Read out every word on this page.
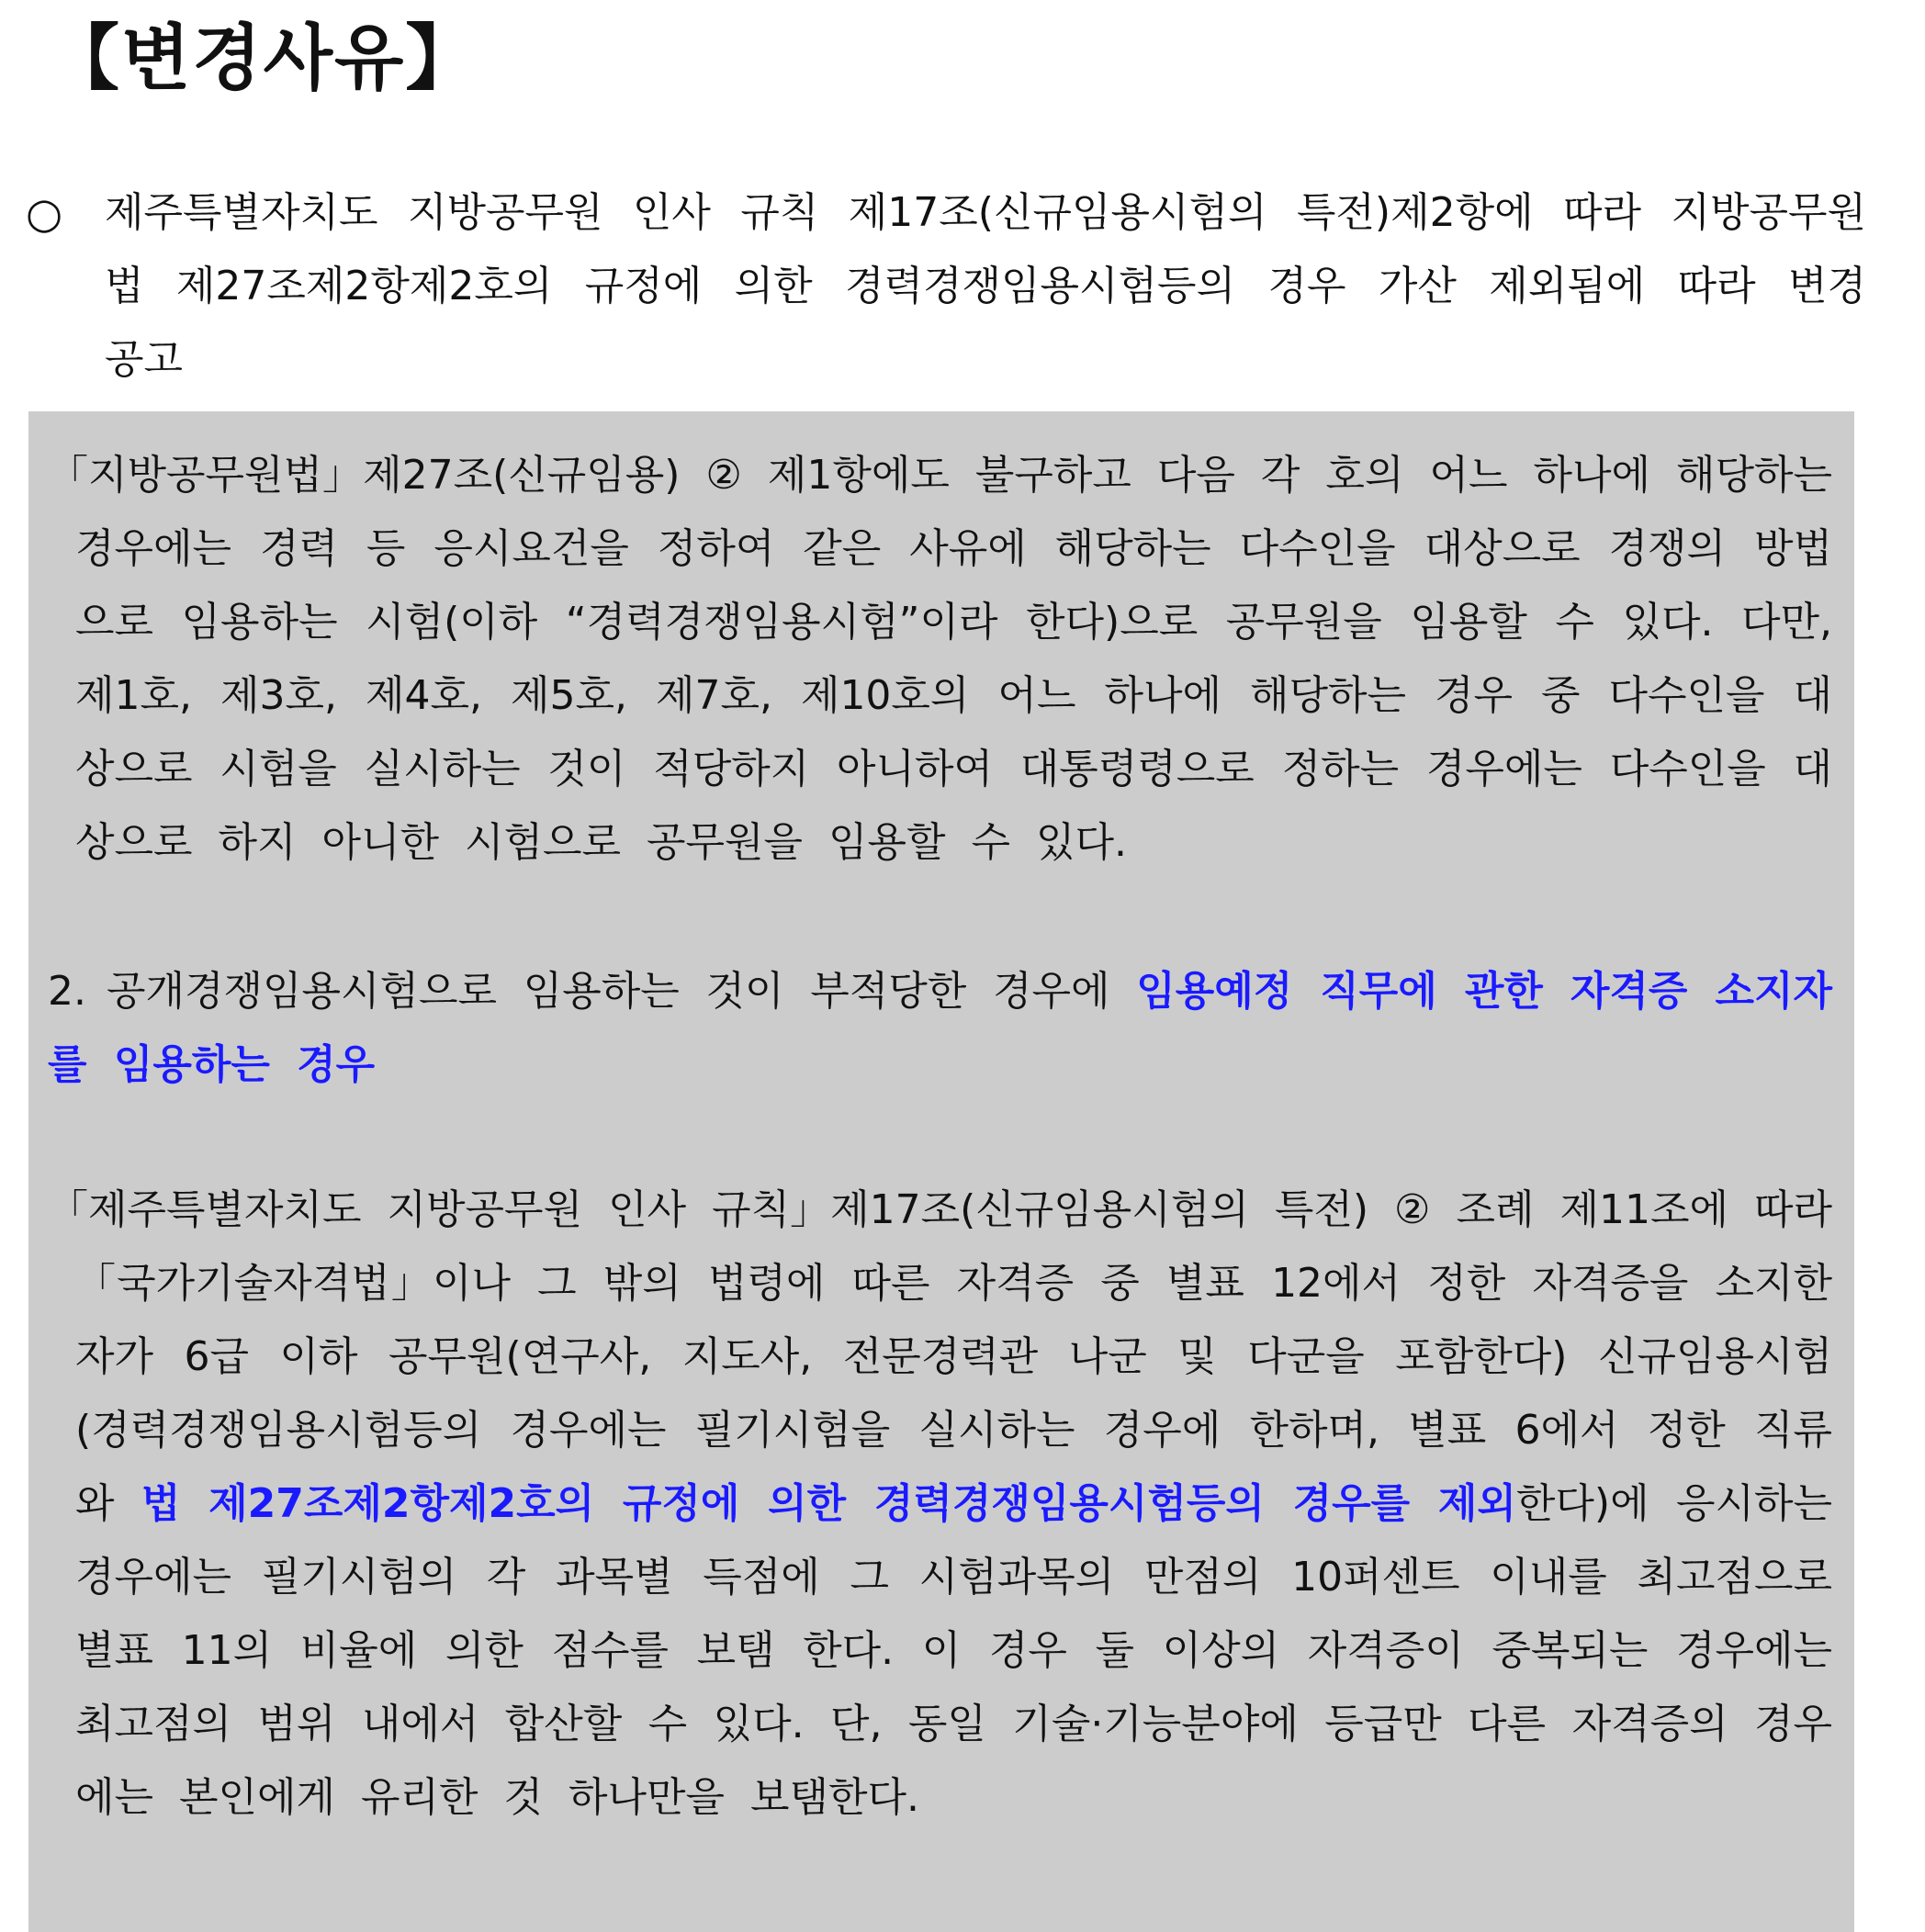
【변경사유】
○ 제주특별자치도 지방공무원 인사 규칙 제17조(신규임용시험의 특전)제2항에 따라 지방공무원법 제27조제2항제2호의 규정에 의한 경력경쟁임용시험등의 경우 가산 제외됨에 따라 변경 공고

「지방공무원법」제27조(신규임용) ② 제1항에도 불구하고 다음 각 호의 어느 하나에 해당하는 경우에는 경력 등 응시요건을 정하여 같은 사유에 해당하는 다수인을 대상으로 경쟁의 방법으로 임용하는 시험(이하 “경력경쟁임용시험”이라 한다)으로 공무원을 임용할 수 있다. 다만, 제1호, 제3호, 제4호, 제5호, 제7호, 제10호의 어느 하나에 해당하는 경우 중 다수인을 대상으로 시험을 실시하는 것이 적당하지 아니하여 대통령령으로 정하는 경우에는 다수인을 대상으로 하지 아니한 시험으로 공무원을 임용할 수 있다.

2. 공개경쟁임용시험으로 임용하는 것이 부적당한 경우에 임용예정 직무에 관한 자격증 소지자를 임용하는 경우

「제주특별자치도 지방공무원 인사 규칙」제17조(신규임용시험의 특전) ② 조례 제11조에 따라 「국가기술자격법」이나 그 밖의 법령에 따른 자격증 중 별표 12에서 정한 자격증을 소지한 자가 6급 이하 공무원(연구사, 지도사, 전문경력관 나군 및 다군을 포함한다) 신규임용시험(경력경쟁임용시험등의 경우에는 필기시험을 실시하는 경우에 한하며, 별표 6에서 정한 직류와 법 제27조제2항제2호의 규정에 의한 경력경쟁임용시험등의 경우를 제외한다)에 응시하는 경우에는 필기시험의 각 과목별 득점에 그 시험과목의 만점의 10퍼센트 이내를 최고점으로 별표 11의 비율에 의한 점수를 보탬 한다. 이 경우 둘 이상의 자격증이 중복되는 경우에는 최고점의 범위 내에서 합산할 수 있다. 단, 동일 기술·기능분야에 등급만 다른 자격증의 경우에는 본인에게 유리한 것 하나만을 보탬한다.
